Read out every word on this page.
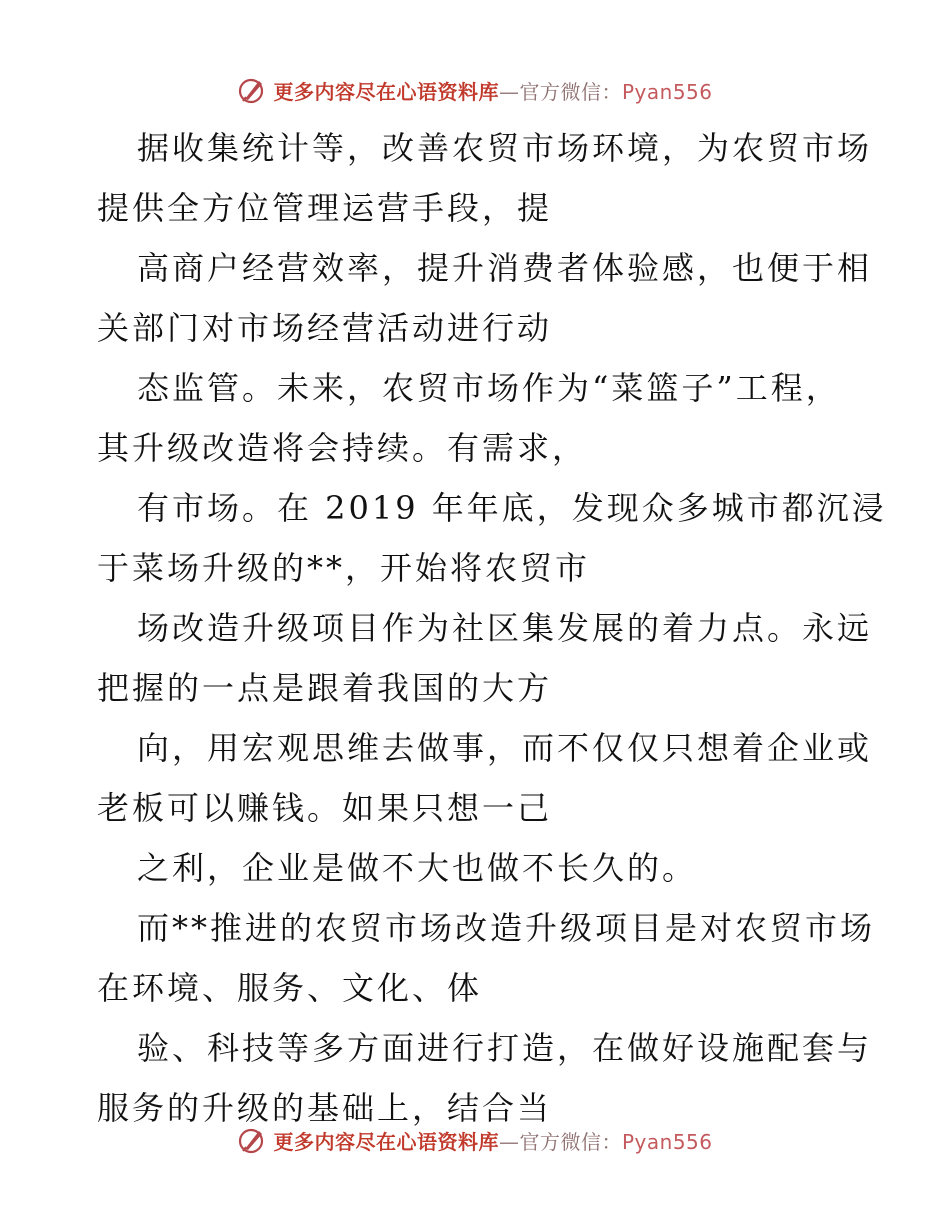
更多内容尽在心语资料库—官方微信：Pyan556
据收集统计等，改善农贸市场环境，为农贸市场
提供全方位管理运营手段，提
高商户经营效率，提升消费者体验感，也便于相
关部门对市场经营活动进行动
态监管。未来，农贸市场作为“菜篮子”工程，
其升级改造将会持续。有需求，
有市场。在 2019 年年底，发现众多城市都沉浸
于菜场升级的**，开始将农贸市
场改造升级项目作为社区集发展的着力点。永远
把握的一点是跟着我国的大方
向，用宏观思维去做事，而不仅仅只想着企业或
老板可以赚钱。如果只想一己
之利，企业是做不大也做不长久的。
而**推进的农贸市场改造升级项目是对农贸市场
在环境、服务、文化、体
验、科技等多方面进行打造，在做好设施配套与
服务的升级的基础上，结合当
更多内容尽在心语资料库—官方微信：Pyan556
